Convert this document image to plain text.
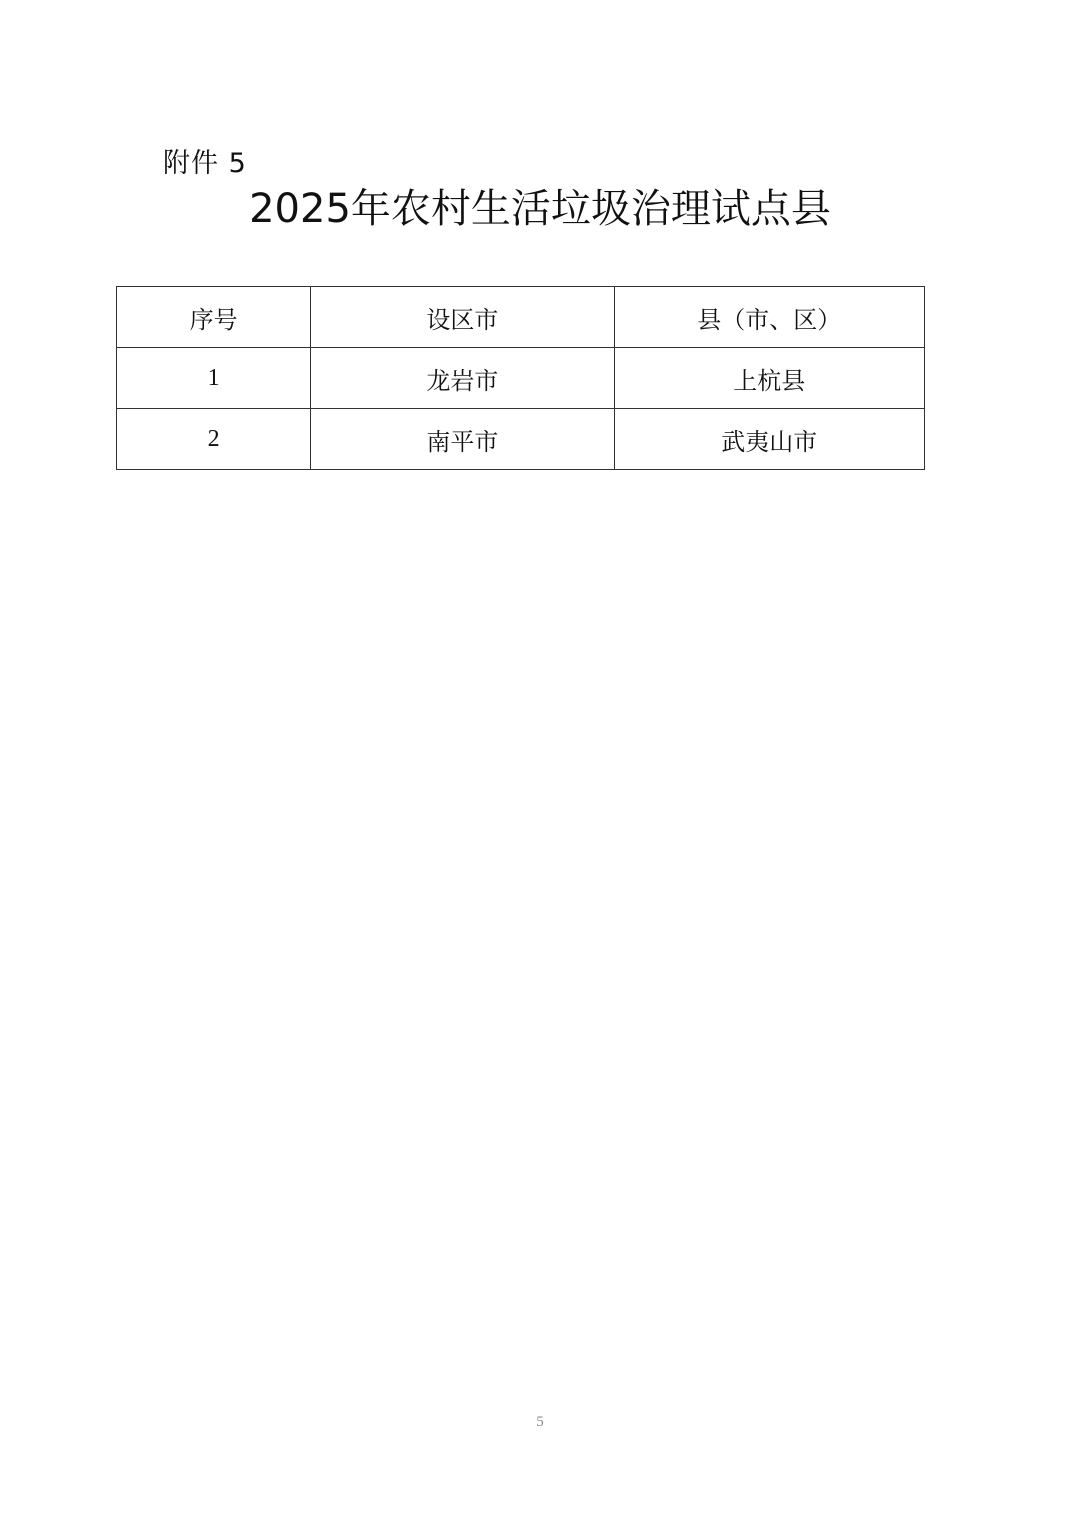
附件 5
2025年农村生活垃圾治理试点县
序号	设区市	县（市、区）
1	龙岩市	上杭县
2	南平市	武夷山市
5
